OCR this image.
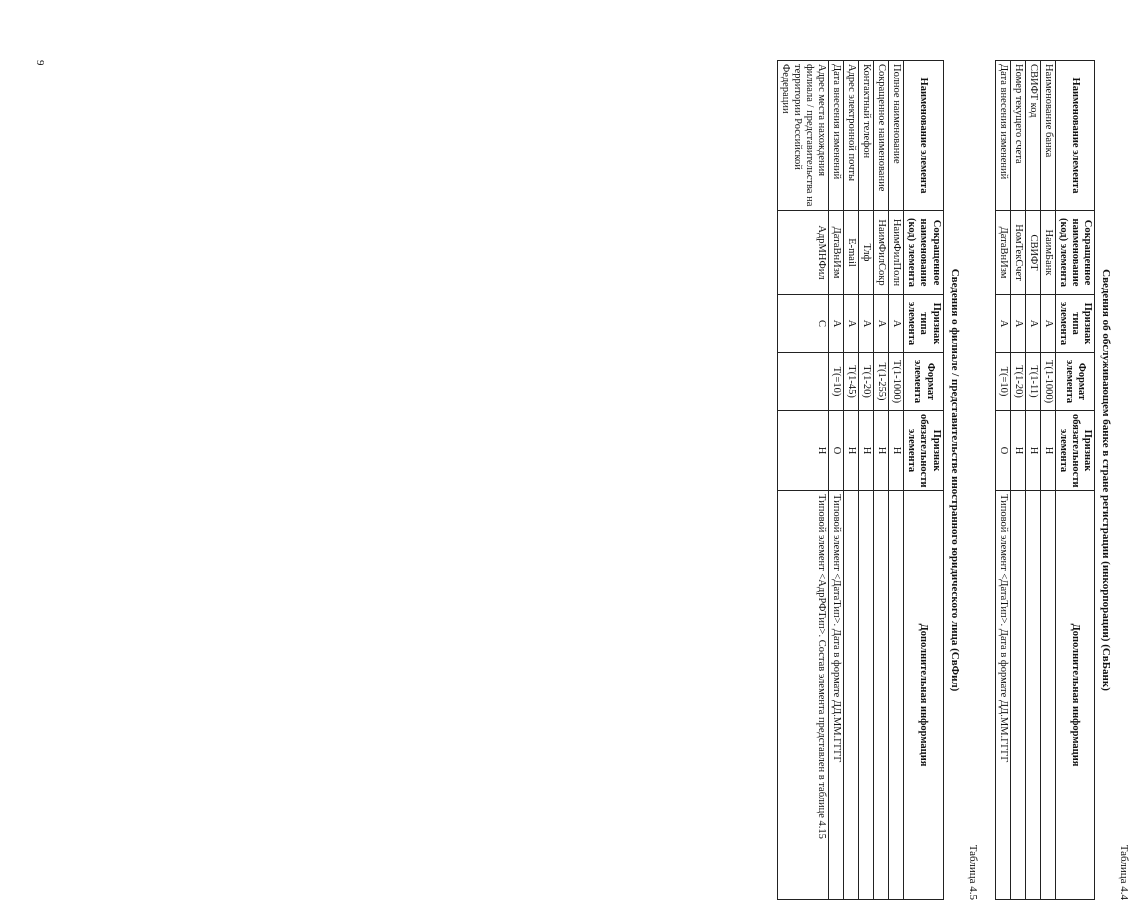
9
Таблица 4.4
Сведения об обслуживающем банке в стране регистрации (инкорпорации) (СвБанк)
Наименование элемента	Сокращенное наименование (код) элемента	Признак типа элемента	Формат элемента	Признак обязательности элемента	Дополнительная информация
Наименование банка	НаимБанк	А	T(1-1000)	Н	
СВИФТ код	СВИФТ	А	T(1-11)	Н	
Номер текущего счета	НомТекСчет	А	T(1-20)	Н	
Дата внесения изменений	ДатаВнИзм	А	T(=10)	О	Типовой элемент <ДатаТип>. Дата в формате ДД.ММ.ГГГГ
Таблица 4.5
Сведения о филиале / представительстве иностранного юридического лица (СвФил)
Наименование элемента	Сокращенное наименование (код) элемента	Признак типа элемента	Формат элемента	Признак обязательности элемента	Дополнительная информация
Полное наименование	НаимФилПолн	А	T(1-1000)	Н	
Сокращенное наименование	НаимФилСокр	А	T(1-255)	Н	
Контактный телефон	Тлф	А	T(1-20)	Н	
Адрес электронной почты	E-mail	А	T(1-45)	Н	
Дата внесения изменений	ДатаВнИзм	А	T(=10)	О	Типовой элемент <ДатаТип>. Дата в формате ДД.ММ.ГГГГ
Адрес места нахождения филиала / представительства на территории Российской Федерации	АдрМНФил	С		Н	Типовой элемент <АдрРФТип>. Состав элемента представлен в таблице 4.15
